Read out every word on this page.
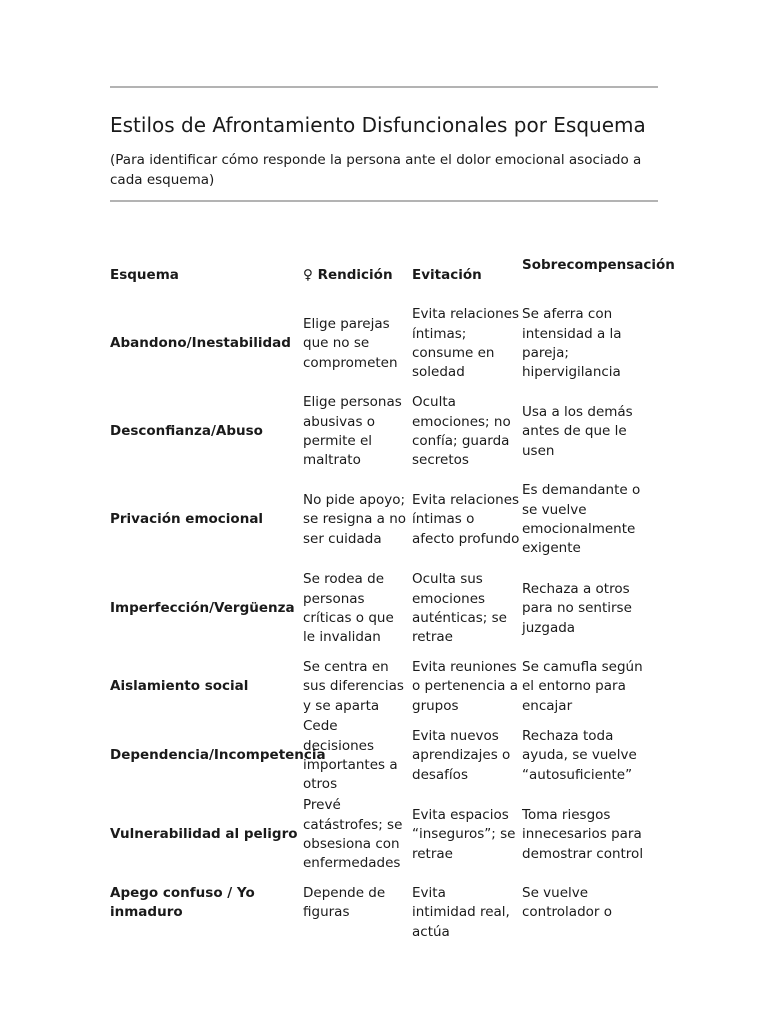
Estilos de Afrontamiento Disfuncionales por Esquema
(Para identificar cómo responde la persona ante el dolor emocional asociado a cada esquema)
Esquema	♀ Rendición Evitación
Sobrecompensación
Abandono/Inestabilidad
Elige parejas que no se comprometen
Evita relaciones íntimas; consume en soledad
Se aferra con intensidad a la pareja; hipervigilancia
Desconfianza/Abuso
Elige personas abusivas o permite el maltrato
Oculta emociones; no confía; guarda secretos
Usa a los demás antes de que le usen
Privación emocional
No pide apoyo; se resigna a no ser cuidada
Evita relaciones íntimas o afecto profundo
Es demandante o se vuelve emocionalmente exigente
Imperfección/Vergüenza
Se rodea de personas críticas o que le invalidan
Oculta sus emociones auténticas; se retrae
Rechaza a otros para no sentirse juzgada
Aislamiento social
Se centra en sus diferencias y se aparta
Evita reuniones o pertenencia a grupos
Se camufla según el entorno para encajar
Dependencia/Incompetencia
Cede decisiones importantes a otros
Evita nuevos aprendizajes o desafíos
Rechaza toda ayuda, se vuelve “autosuficiente”
Vulnerabilidad al peligro
Prevé catástrofes; se obsesiona con enfermedades
Evita espacios “inseguros”; se retrae
Toma riesgos innecesarios para demostrar control
Apego confuso / Yo inmaduro
Depende de figuras
Evita intimidad real, actúa
Se vuelve controlador o
